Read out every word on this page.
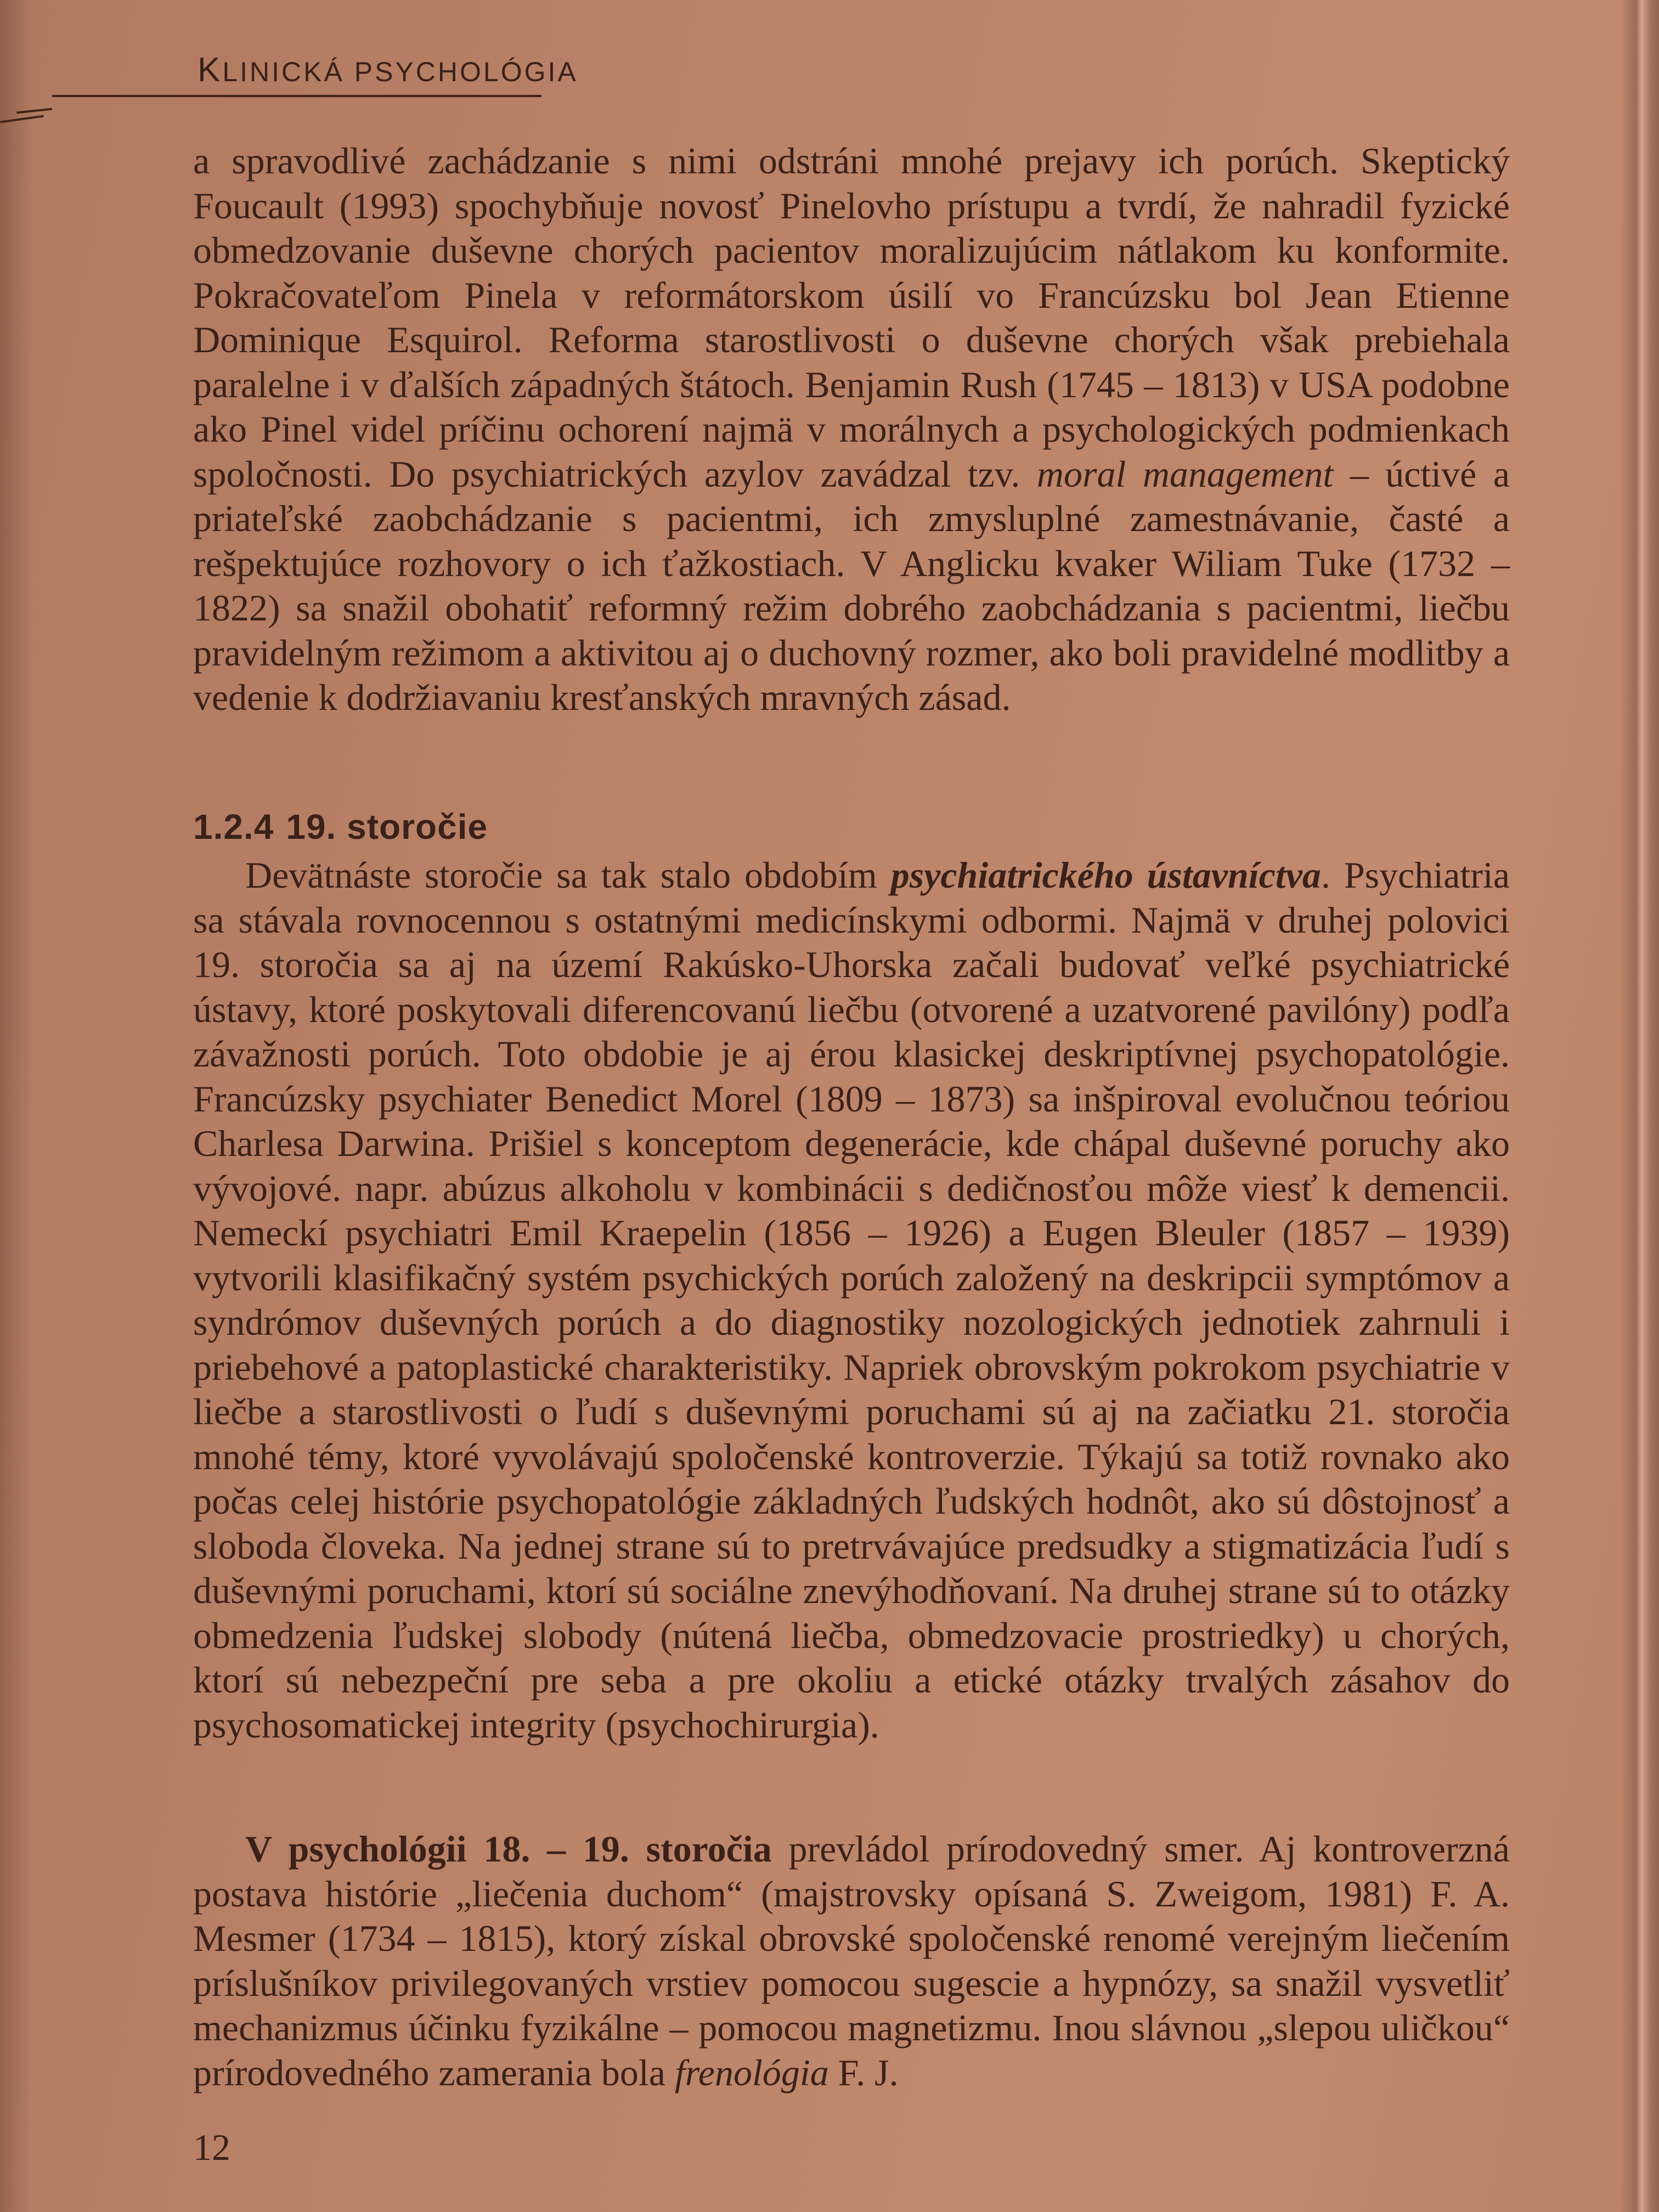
KLINICKÁ PSYCHOLÓGIA
a spravodlivé zachádzanie s nimi odstráni mnohé prejavy ich porúch. Skeptický Foucault (1993) spochybňuje novosť Pinelovho prístupu a tvrdí, že nahradil fyzické obmedzovanie duševne chorých pacientov moralizujúcim nátlakom ku konformite. Pokračovateľom Pinela v reformátorskom úsilí vo Francúzsku bol Jean Etienne Dominique Esquirol. Reforma starostlivosti o duševne chorých však prebiehala paralelne i v ďalších západných štátoch. Benjamin Rush (1745 – 1813) v USA podobne ako Pinel videl príčinu ochorení najmä v morálnych a psychologických podmienkach spoločnosti. Do psychiatrických azylov zavádzal tzv. moral management – úctivé a priateľské zaobchádzanie s pacientmi, ich zmysluplné zamestnávanie, časté a rešpektujúce rozhovory o ich ťažkostiach. V Anglicku kvaker Wiliam Tuke (1732 – 1822) sa snažil obohatiť reformný režim dobrého zaobchádzania s pacientmi, liečbu pravidelným režimom a aktivitou aj o duchovný rozmer, ako boli pravidelné modlitby a vedenie k dodržiavaniu kresťanských mravných zásad.
1.2.4 19. storočie
Devätnáste storočie sa tak stalo obdobím psychiatrického ústavníctva. Psychiatria sa stávala rovnocennou s ostatnými medicínskymi odbormi. Najmä v druhej polovici 19. storočia sa aj na území Rakúsko-Uhorska začali budovať veľké psychiatrické ústavy, ktoré poskytovali diferencovanú liečbu (otvorené a uzatvorené pavilóny) podľa závažnosti porúch. Toto obdobie je aj érou klasickej deskriptívnej psychopatológie. Francúzsky psychiater Benedict Morel (1809 – 1873) sa inšpiroval evolučnou teóriou Charlesa Darwina. Prišiel s konceptom degenerácie, kde chápal duševné poruchy ako vývojové. napr. abúzus alkoholu v kombinácii s dedičnosťou môže viesť k demencii. Nemeckí psychiatri Emil Kraepelin (1856 – 1926) a Eugen Bleuler (1857 – 1939) vytvorili klasifikačný systém psychických porúch založený na deskripcii symptómov a syndrómov duševných porúch a do diagnostiky nozologických jednotiek zahrnuli i priebehové a patoplastické charakteristiky. Napriek obrovským pokrokom psychiatrie v liečbe a starostlivosti o ľudí s duševnými poruchami sú aj na začiatku 21. storočia mnohé témy, ktoré vyvolávajú spoločenské kontroverzie. Týkajú sa totiž rovnako ako počas celej histórie psychopatológie základných ľudských hodnôt, ako sú dôstojnosť a sloboda človeka. Na jednej strane sú to pretrvávajúce predsudky a stigmatizácia ľudí s duševnými poruchami, ktorí sú sociálne znevýhodňovaní. Na druhej strane sú to otázky obmedzenia ľudskej slobody (nútená liečba, obmedzovacie prostriedky) u chorých, ktorí sú nebezpeční pre seba a pre okoliu a etické otázky trvalých zásahov do psychosomatickej integrity (psychochirurgia).
V psychológii 18. – 19. storočia prevládol prírodovedný smer. Aj kontroverzná postava histórie „liečenia duchom“ (majstrovsky opísaná S. Zweigom, 1981) F. A. Mesmer (1734 – 1815), ktorý získal obrovské spoločenské renomé verejným liečením príslušníkov privilegovaných vrstiev pomocou sugescie a hypnózy, sa snažil vysvetliť mechanizmus účinku fyzikálne – pomocou magnetizmu. Inou slávnou „slepou uličkou“ prírodovedného zamerania bola frenológia F. J.
12
